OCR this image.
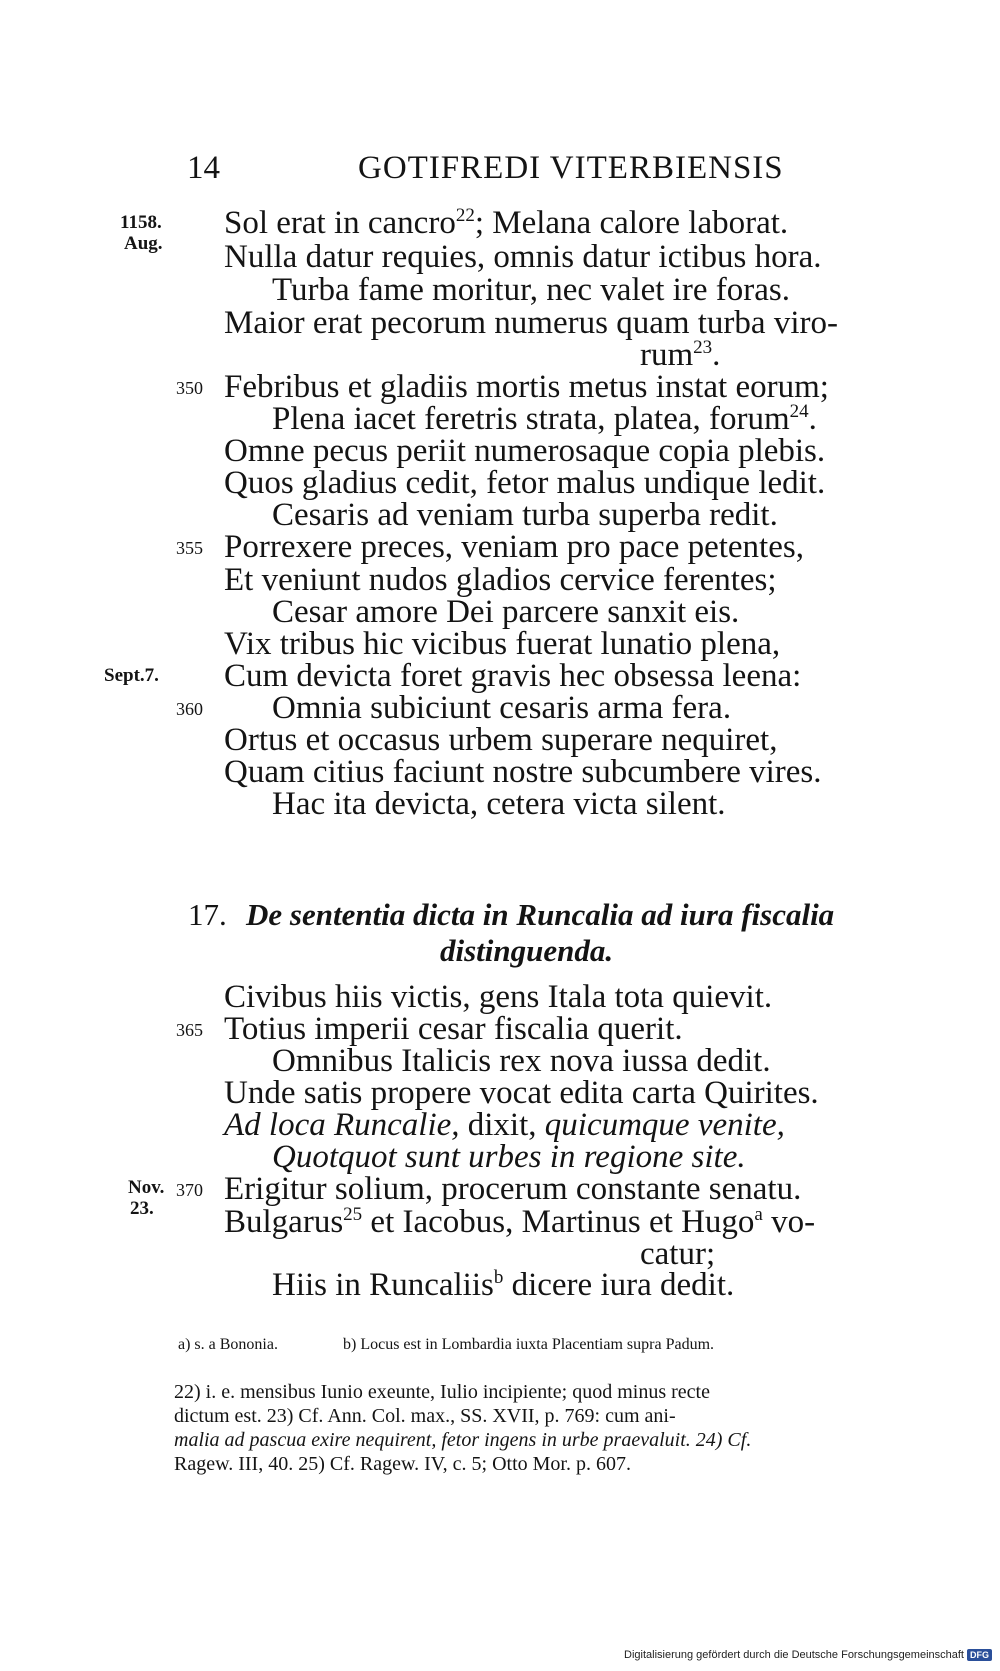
14	GOTIFREDI VITERBIENSIS
1158. Sol erat in cancro$^{22}$; Melana calore laborat.
Aug. Nulla datur requies, omnis datur ictibus hora.
Turba fame moritur, nec valet ire foras.
Maior erat pecorum numerus quam turba viro-
rum$^{23}$.
350 Febribus et gladiis mortis metus instat eorum;
Plena iacet feretris strata, platea, forum$^{24}$.
Omne pecus periit numerosaque copia plebis.
Quos gladius cedit, fetor malus undique ledit.
Cesaris ad veniam turba superba redit.
355 Porrexere preces, veniam pro pace petentes,
Et veniunt nudos gladios cervice ferentes;
Cesar amore Dei parcere sanxit eis.
Vix tribus hic vicibus fuerat lunatio plena,
Sept.7. Cum devicta foret gravis hec obsessa leena:
360 Omnia subiciunt cesaris arma fera.
Ortus et occasus urbem superare nequiret,
Quam citius faciunt nostre subcumbere vires.
Hac ita devicta, cetera victa silent.
17. De sententia dicta in Runcalia ad iura fiscalia
distinguenda.
Civibus hiis victis, gens Itala tota quievit.
365 Totius imperii cesar fiscalia querit.
Omnibus Italicis rex nova iussa dedit.
Unde satis propere vocat edita carta Quirites.
Ad loca Runcalie, dixit, quicumque venite,
Quotquot sunt urbes in regione site.
Nov. 370 Erigitur solium, procerum constante senatu.
23. Bulgarus$^{25}$ et Iacobus, Martinus et Hugo$^a$ vo-
catur;
Hiis in Runcaliis$^b$ dicere iura dedit.
a) s. a Bononia.	b) Locus est in Lombardia iuxta Placentiam supra Padum.
22) i. e. mensibus Iunio exeunte, Iulio incipiente; quod minus recte
dictum est. 23) Cf. Ann. Col. max., SS. XVII, p. 769: cum ani-
malia ad pascua exire nequirent, fetor ingens in urbe praevaluit. 24) Cf.
Ragew. III, 40. 25) Cf. Ragew. IV, c. 5; Otto Mor. p. 607.
Digitalisierung gefördert durch die Deutsche Forschungsgemeinschaft DFG
